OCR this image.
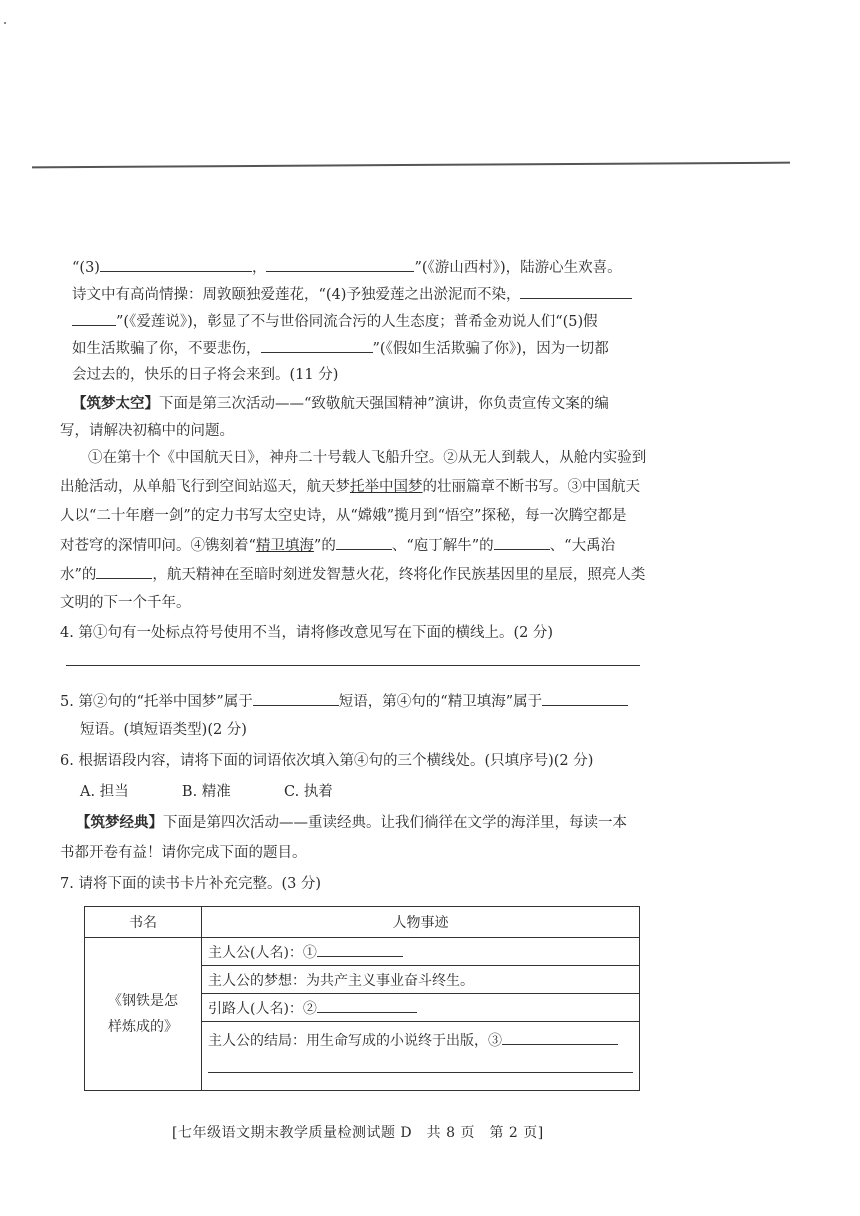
“(3)	，	”(《游山西村》)，陆游心生欢喜。
诗文中有高尚情操：周敦颐独爱莲花，“(4)予独爱莲之出淤泥而不染，
”(《爱莲说》)，彰显了不与世俗同流合污的人生态度；普希金劝说人们“(5)假
如生活欺骗了你，不要悲伤，	”(《假如生活欺骗了你》)，因为一切都
会过去的，快乐的日子将会来到。(11 分)
【筑梦太空】下面是第三次活动——“致敬航天强国精神”演讲，你负责宣传文案的编
写，请解决初稿中的问题。
①在第十个《中国航天日》，神舟二十号载人飞船升空。②从无人到载人，从舱内实验到
出舱活动，从单船飞行到空间站巡天，航天梦托举中国梦的壮丽篇章不断书写。③中国航天
人以“二十年磨一剑”的定力书写太空史诗，从“嫦娥”揽月到“悟空”探秘，每一次腾空都是
对苍穹的深情叩问。④镌刻着“精卫填海”的	、“庖丁解牛”的	、“大禹治
水”的	，航天精神在至暗时刻迸发智慧火花，终将化作民族基因里的星辰，照亮人类
文明的下一个千年。
4. 第①句有一处标点符号使用不当，请将修改意见写在下面的横线上。(2 分)
5. 第②句的“托举中国梦”属于	短语，第④句的“精卫填海”属于
短语。(填短语类型)(2 分)
6. 根据语段内容，请将下面的词语依次填入第④句的三个横线处。(只填序号)(2 分)
A. 担当	B. 精准	C. 执着
【筑梦经典】下面是第四次活动——重读经典。让我们徜徉在文学的海洋里，每读一本
书都开卷有益！请你完成下面的题目。
7. 请将下面的读书卡片补充完整。(3 分)
书名	人物事迹

《钢铁是怎
样炼成的》	主人公(人名)：①
	主人公的梦想：为共产主义事业奋斗终生。
	引路人(人名)：②
	主人公的结局：用生命写成的小说终于出版，③
[七年级语文期末教学质量检测试题 D　共 8 页　第 2 页]
